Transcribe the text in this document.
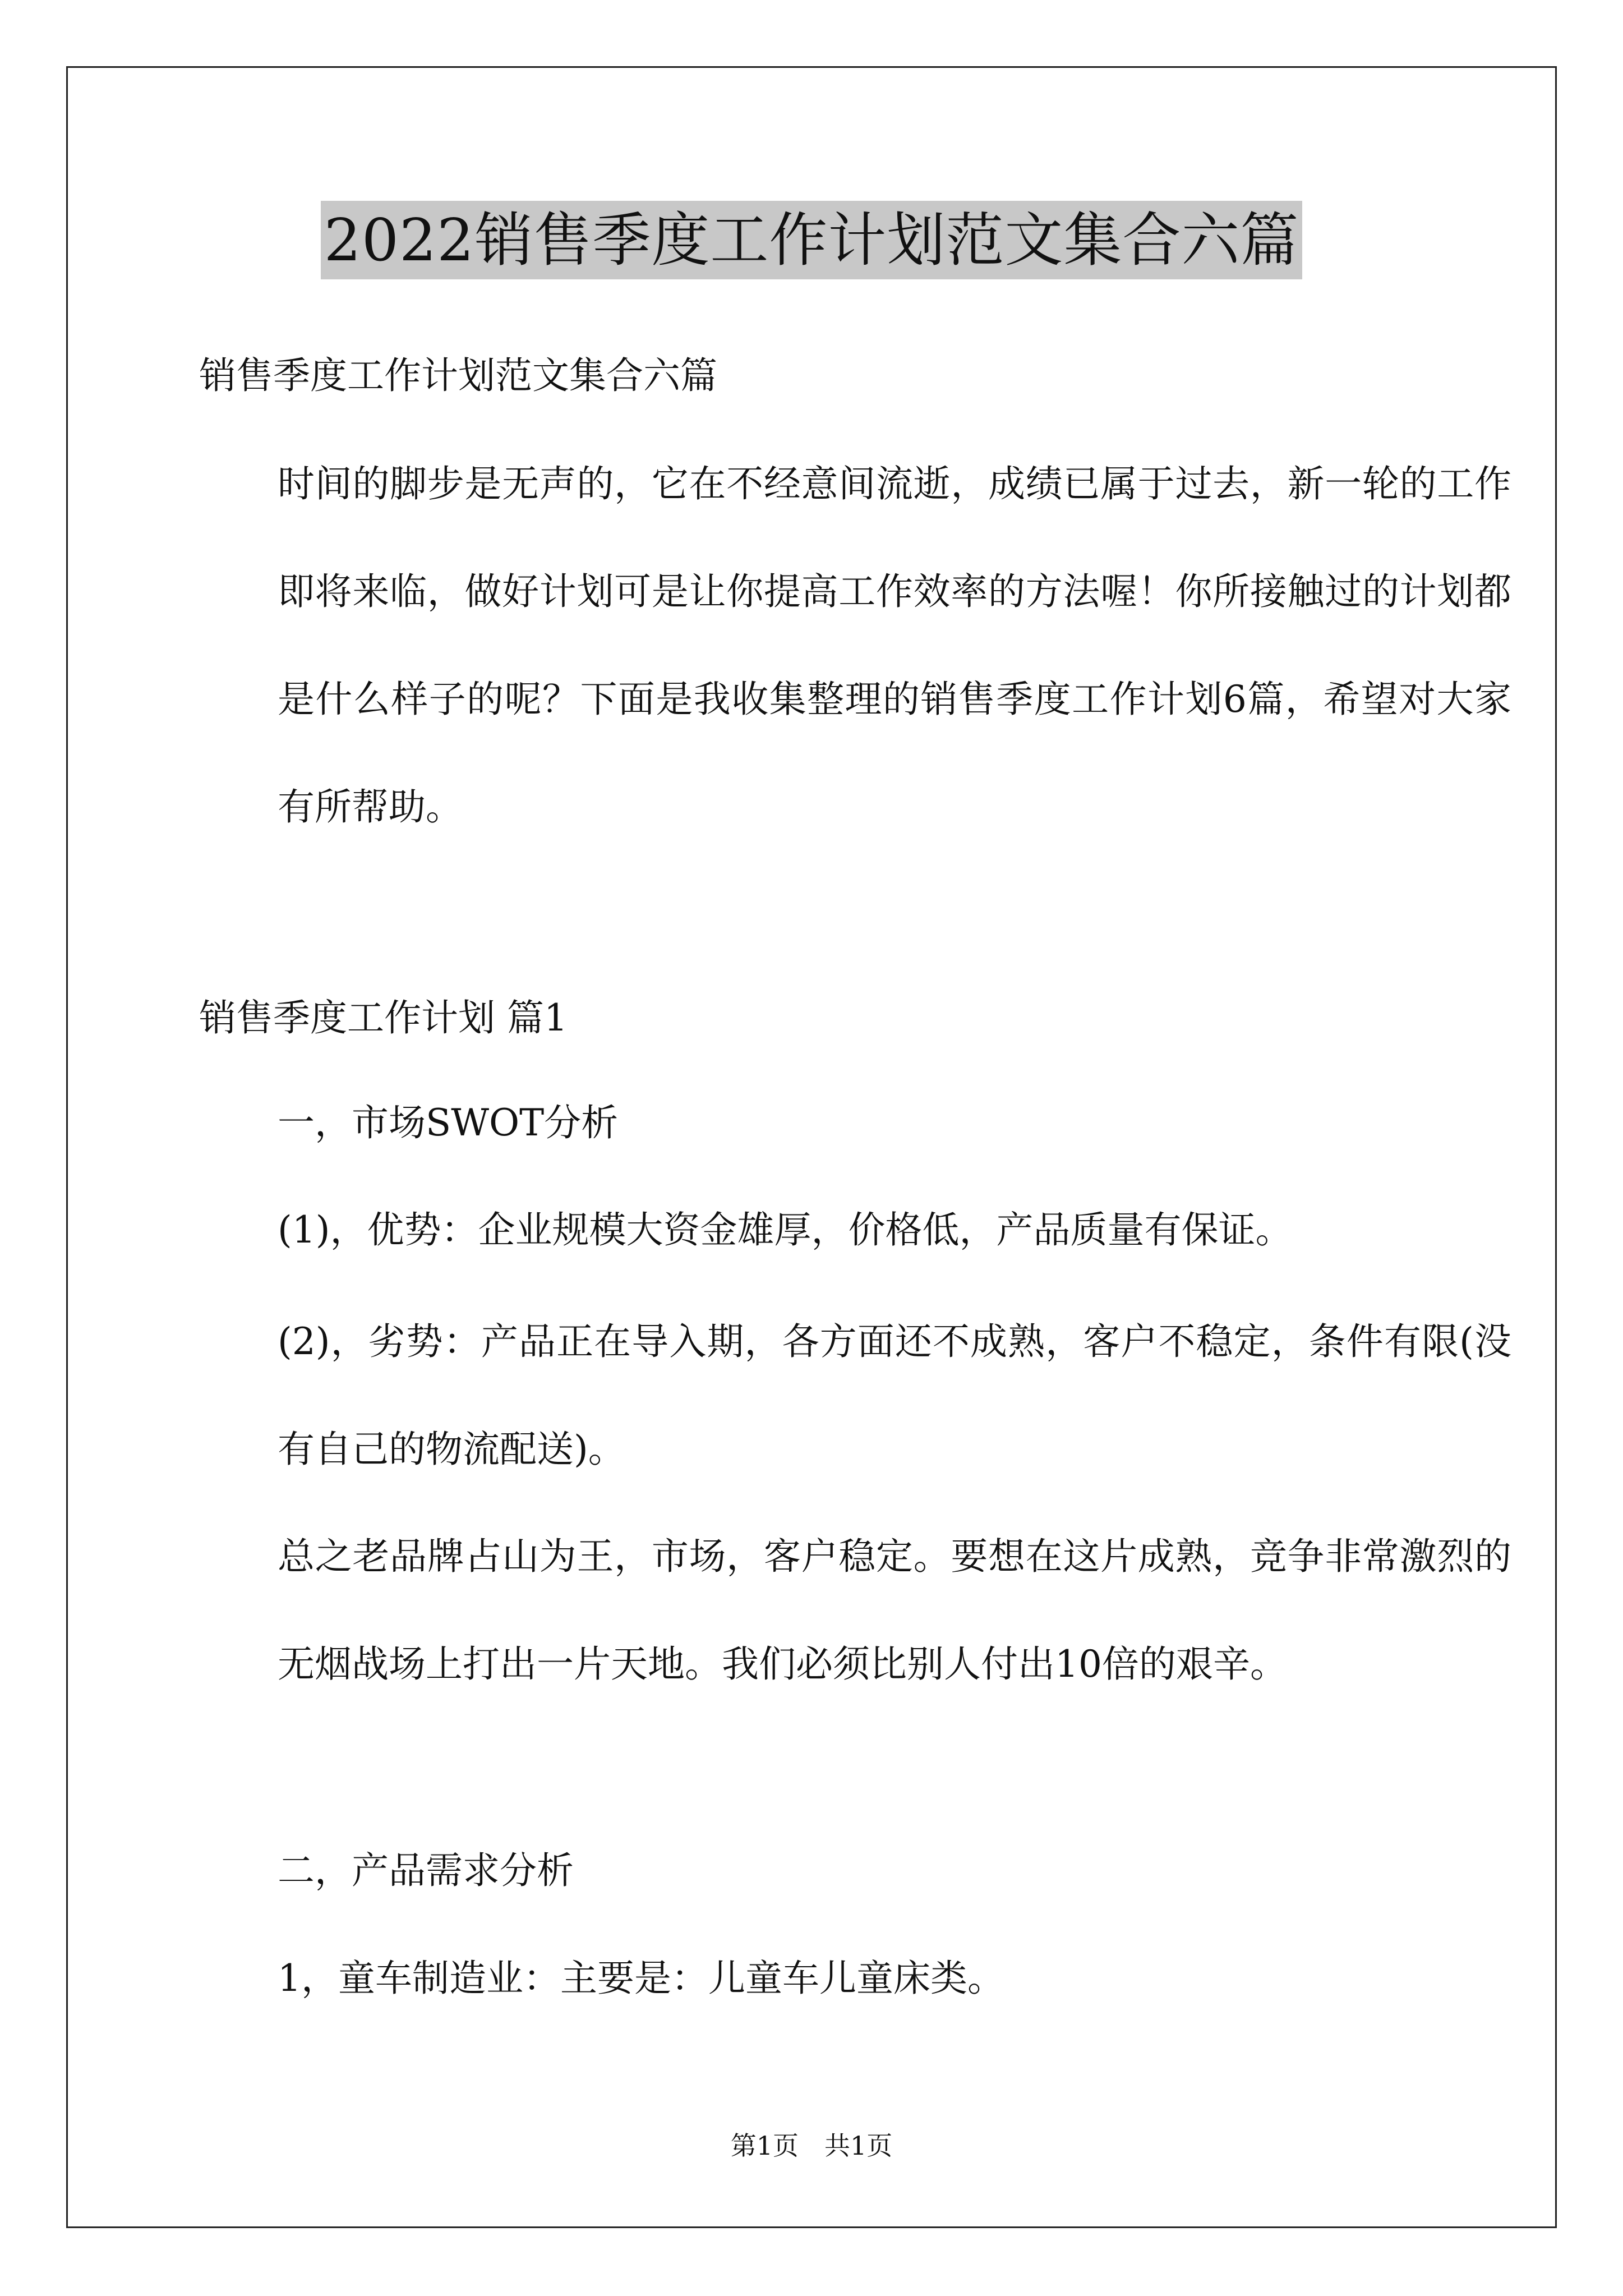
2022销售季度工作计划范文集合六篇

销售季度工作计划范文集合六篇

时间的脚步是无声的，它在不经意间流逝，成绩已属于过去，新一轮的工作即将来临，做好计划可是让你提高工作效率的方法喔！你所接触过的计划都是什么样子的呢？下面是我收集整理的销售季度工作计划6篇，希望对大家有所帮助。

销售季度工作计划 篇1

一，市场SWOT分析

(1)，优势：企业规模大资金雄厚，价格低，产品质量有保证。

(2)，劣势：产品正在导入期，各方面还不成熟，客户不稳定，条件有限(没有自己的物流配送)。

总之老品牌占山为王，市场，客户稳定。要想在这片成熟，竞争非常激烈的无烟战场上打出一片天地。我们必须比别人付出10倍的艰辛。

二，产品需求分析

1，童车制造业：主要是：儿童车儿童床类。

第1页　共1页
